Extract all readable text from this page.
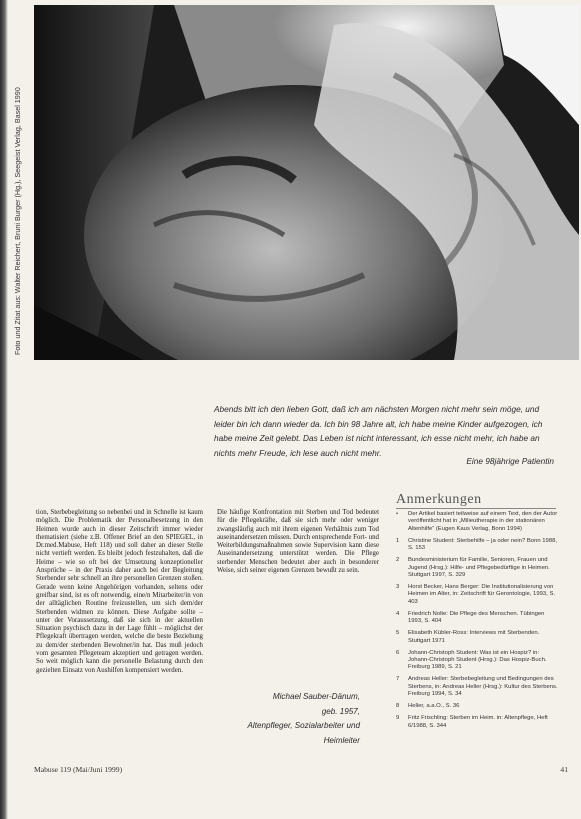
Foto und Zitat aus: Walter Reichert, Bruni Burger (Hg.), Seegeist Verlag, Basel 1990
Abends bitt ich den lieben Gott, daß ich am nächsten Morgen nicht mehr sein möge, und leider bin ich dann wieder da. Ich bin 98 Jahre alt, ich habe meine Kinder aufgezogen, ich habe meine Zeit gelebt. Das Leben ist nicht interessant, ich esse nicht mehr, ich habe an nichts mehr Freude, ich lese auch nicht mehr.
Eine 98jährige Patientin
tion, Sterbebegleitung so nebenbei und in Schnelle ist kaum möglich. Die Problematik der Personalbesetzung in den Heimen wurde auch in dieser Zeitschrift immer wieder thematisiert (siehe z.B. Offener Brief an den SPIEGEL, in Dr.med.Mabuse, Heft 118) und soll daher an dieser Stelle nicht vertieft werden. Es bleibt jedoch festzuhalten, daß die Heime – wie so oft bei der Umsetzung konzeptioneller Ansprüche – in der Praxis daher auch bei der Begleitung Sterbender sehr schnell an ihre personellen Grenzen stoßen. Gerade wenn keine Angehörigen vorhanden, seltens oder greifbar sind, ist es oft notwendig, eine/n Mitarbeiter/in von der alltäglichen Routine freizustellen, um sich dem/der Sterbenden widmen zu können. Diese Aufgabe sollte – unter der Voraussetzung, daß sie sich in der aktuellen Situation psychisch dazu in der Lage fühlt – möglichst der Pflegekraft übertragen werden, welche die beste Beziehung zu dem/der sterbenden Bewohner/in hat. Das muß jedoch vom gesamten Pflegeteam akzeptiert und getragen werden. So weit möglich kann die personelle Belastung durch den gezielten Einsatz von Aushilfen kompensiert werden.
Die häufige Konfrontation mit Sterben und Tod bedeutet für die Pflegekräfte, daß sie sich mehr oder weniger zwangsläufig auch mit ihrem eigenen Verhältnis zum Tod auseinandersetzen müssen. Durch entsprechende Fort- und Weiterbildungsmaßnahmen sowie Supervision kann diese Auseinandersetzung unterstützt werden. Die Pflege sterbender Menschen bedeutet aber auch in besonderer Weise, sich seiner eigenen Grenzen bewußt zu sein.
Michael Sauber-Dänum,
geb. 1957,
Altenpfleger, Sozialarbeiter und
Heimleiter
Anmerkungen
• Der Artikel basiert teilweise auf einem Text, den der Autor veröffentlicht hat in „Milieutherapie in der stationären Altenhilfe“ (Eugen Kaus Verlag, Bonn 1994)
1 Christine Student: Sterbehilfe – ja oder nein? Bonn 1988, S. 153
2 Bundesministerium für Familie, Senioren, Frauen und Jugend (Hrsg.): Hilfe- und Pflegebedürftige in Heimen. Stuttgart 1997, S. 329
3 Horst Becker, Hans Berger: Die Institutionalisierung von Heimen im Alter, in: Zeitschrift für Gerontologie, 1993, S. 403
4 Friedrich Nolte: Die Pflege des Menschen. Tübingen 1993, S. 404
5 Elisabeth Kübler-Ross: Interviews mit Sterbenden. Stuttgart 1971
6 Johann-Christoph Student: Was ist ein Hospiz? in: Johann-Christoph Student (Hrsg.): Das Hospiz-Buch. Freiburg 1989, S. 21
7 Andreas Heller: Sterbebegleitung und Bedingungen des Sterbens, in: Andreas Heller (Hrsg.): Kultur des Sterbens. Freiburg 1994, S. 34
8 Heller, a.a.O., S. 36
9 Fritz Frischling: Sterben im Heim. in: Altenpflege, Heft 6/1988, S. 344
Mabuse 119 (Mai/Juni 1999)	41
